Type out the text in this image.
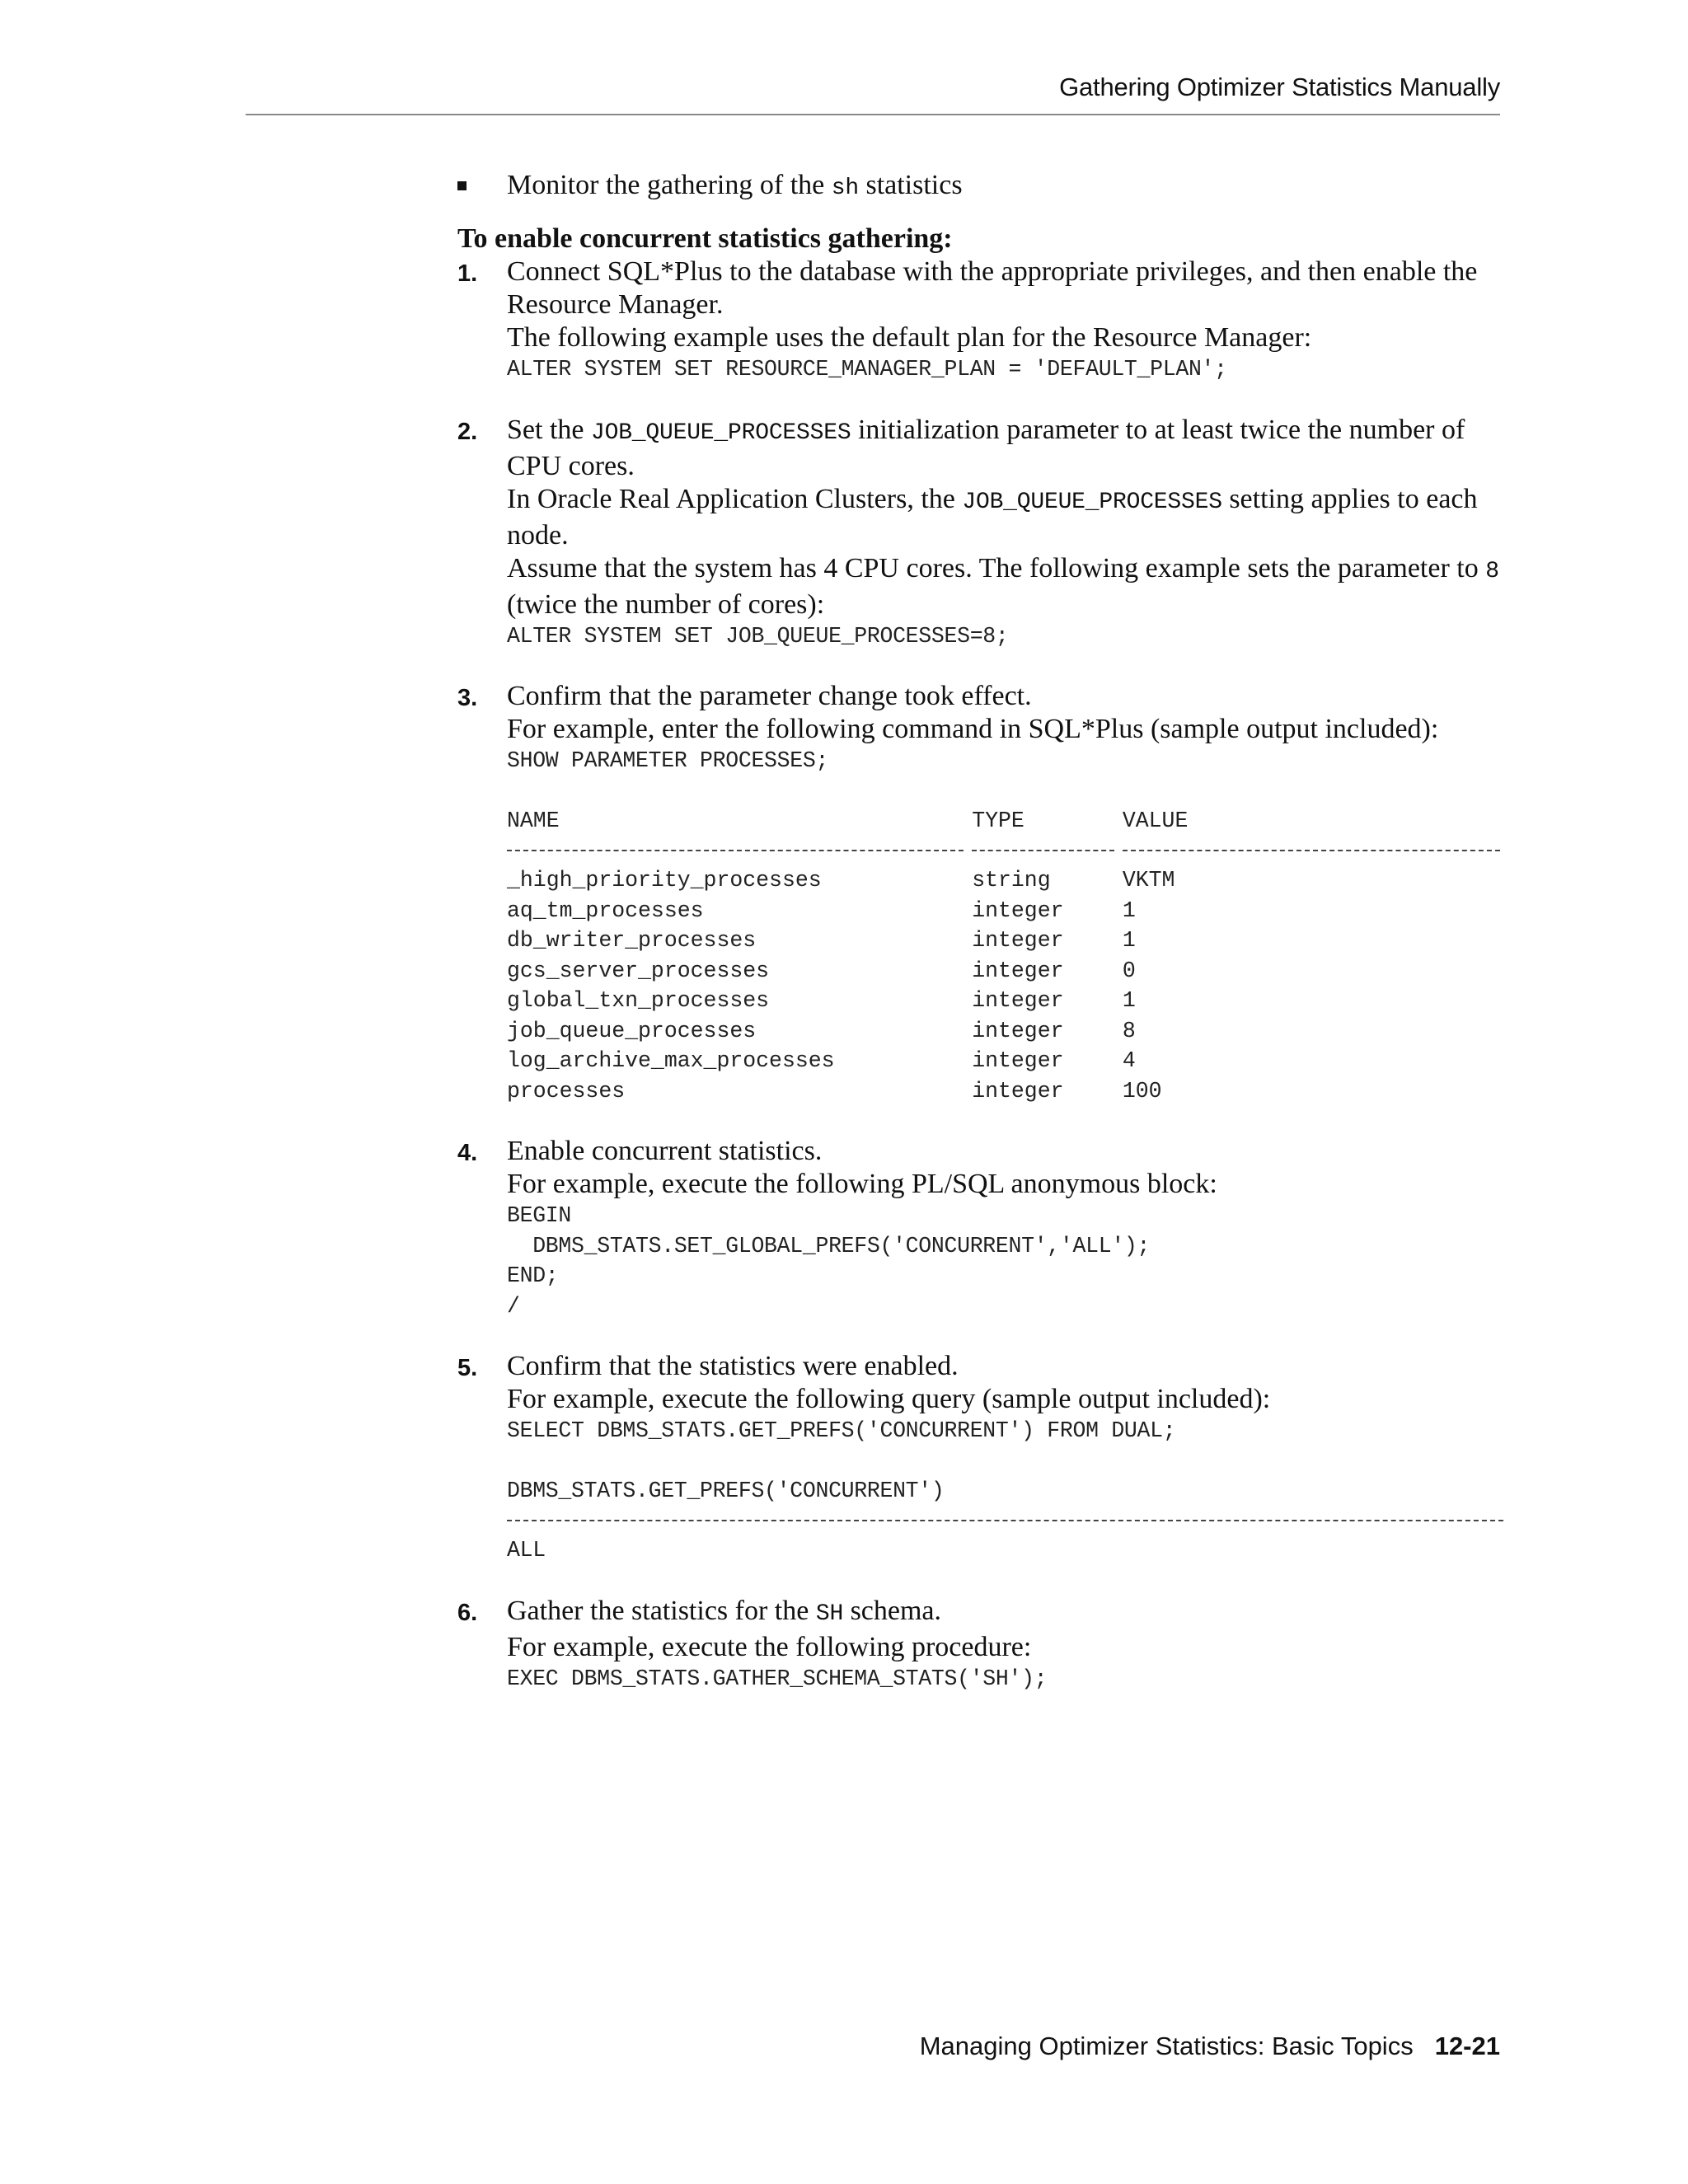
Gathering Optimizer Statistics Manually

Monitor the gathering of the sh statistics

To enable concurrent statistics gathering:

1. Connect SQL*Plus to the database with the appropriate privileges, and then enable the Resource Manager.

The following example uses the default plan for the Resource Manager:

ALTER SYSTEM SET RESOURCE_MANAGER_PLAN = 'DEFAULT_PLAN';
2. Set the JOB_QUEUE_PROCESSES initialization parameter to at least twice the number of CPU cores.

In Oracle Real Application Clusters, the JOB_QUEUE_PROCESSES setting applies to each node.

Assume that the system has 4 CPU cores. The following example sets the parameter to 8 (twice the number of cores):

ALTER SYSTEM SET JOB_QUEUE_PROCESSES=8;
3. Confirm that the parameter change took effect.

For example, enter the following command in SQL*Plus (sample output included):

SHOW PARAMETER PROCESSES;
NAME	TYPE	VALUE

_high_priority_processes	string	VKTM
aq_tm_processes	integer	1
db_writer_processes	integer	1
gcs_server_processes	integer	0
global_txn_processes	integer	1
job_queue_processes	integer	8
log_archive_max_processes	integer	4
processes	integer	100
4. Enable concurrent statistics.

For example, execute the following PL/SQL anonymous block:

BEGIN
DBMS_STATS.SET_GLOBAL_PREFS('CONCURRENT','ALL');
END;
/
5. Confirm that the statistics were enabled.

For example, execute the following query (sample output included):

SELECT DBMS_STATS.GET_PREFS('CONCURRENT') FROM DUAL;
DBMS_STATS.GET_PREFS('CONCURRENT')
ALL
6. Gather the statistics for the SH schema.

For example, execute the following procedure:

EXEC DBMS_STATS.GATHER_SCHEMA_STATS('SH');
Managing Optimizer Statistics: Basic Topics 12-21
